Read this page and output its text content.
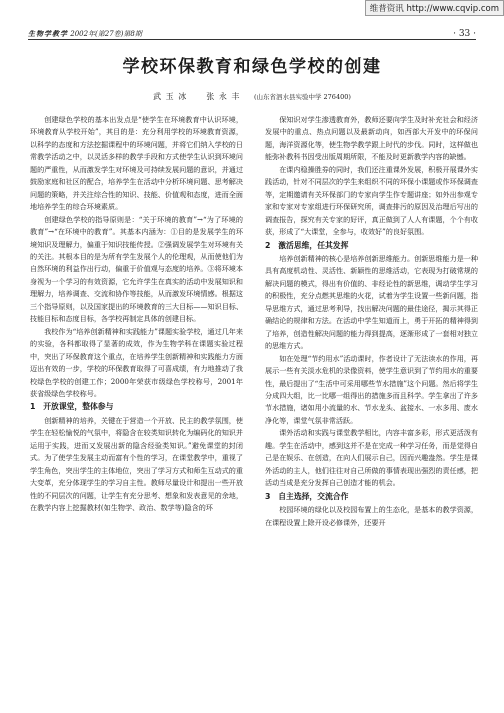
维普资讯 http://www.cqvip.com
生物学教学 2002年(第27卷)第8期	· 33 ·
学校环保教育和绿色学校的创建
武 玉 冰 张 永 丰 (山东省泗水县实验中学 276400)

创建绿色学校的基本出发点是“使学生在环境教育中认识环境，环境教育从学校开始”，其目的是：充分利用学校的环境教育资源，以科学的态度和方法挖掘课程中的环境问题，并将它们纳入学校的日常教学活动之中，以灵活多样的教学手段和方式使学生认识到环境问题的严重性，从而激发学生对环境及可持续发展问题的意识，并通过鼓励家庭和社区的配合，培养学生在活动中分析环境问题、思考解决问题的策略，并关注综合性的知识、技能、价值观和态度，进而全面地培养学生的综合环境素质。

创建绿色学校的指导原则是：“关于环境的教育”→“为了环境的教育”→“在环境中的教育”。其基本内涵为：①目的是发展学生的环境知识及理解力，偏重于知识技能传授。②强调发展学生对环境有关的关注。其根本目的是为所有学生发展个人的伦理观，从而使他们为自然环境的利益作出行动，偏重于价值观与态度的培养。③将环境本身视为一个学习的有效资源，它允许学生在真实的活动中发展知识和理解力，培养调查、交流和协作等技能，从而激发环境情感。根据这三个指导原则，以及国家提出的环境教育的三大目标——知识目标、技能目标和态度目标，各学校再制定具体的创建目标。

我校作为“培养创新精神和实践能力”课题实验学校，通过几年来的实验，各科都取得了显著的成效，作为生物学科在课题实验过程中，突出了环保教育这个重点，在培养学生创新精神和实践能力方面迈出有效的一步，学校的环保教育取得了可喜成绩，有力地推动了我校绿色学校的创建工作；2000年荣获市级绿色学校称号，2001年获省级绿色学校称号。

1　开放课堂，整体参与

创新精神的培养，关键在于营造一个开放、民主的教学氛围，使学生在轻松愉悦的气氛中，将隐含在较类知识转化为编码化的知识并运用于实践，进而又发展出新的隐含经验类知识。”避免课堂的封闭式。为了使学生发展主动而富有个性的学习，在课堂教学中，重视了学生角色，突出学生的主体地位，突出了学习方式和师生互动式的重大变革，充分体现学生的学习自主性。教师尽量设计和提出一些开放性的不同层次的问题，让学生有充分思考、想象和发表意见的余地，在教学内容上挖掘教材(如生物学、政治、数学等)隐含的环

保知识对学生渗透教育外，教师还要向学生及时补充社会和经济发展中的重点、热点问题以及最新动向，如西部大开发中的环保问题，海洋资源化等，使生物学教学跟上时代的步伐。同时，这样做也能弥补教科书因受出版周期所限，不能及时更新教学内容的缺憾。

在课内稳操胜券的同时，我们还注重课外发展，积极开展课外实践活动，针对不同层次的学生来组织不同的环保小课题或作环保调查等，定期邀请有关环保部门的专家向学生作专题讲座；如外出参观专家和专家对专家组进行环保研究所，调查排污的原因及治理后写出的调查报告，探究有关专家的好评，真正做到了人人有课题，个个有收获，形成了“大课堂，全参与，收效好”的良好氛围。

2　激活思维，任其发挥

培养创新精神的核心是培养创新思维能力。创新思维能力是一种具有高度机动性、灵活性、新颖性的思维活动，它表现为打破常规的解决问题的模式，得出有价值的、非经论性的新思维，调动学生学习的积极性，充分点燃其思维的火花，试着为学生设置一些新问题，指导思维方式，通过思考利导，找出解决问题的最佳途径，揭示其得正确结论的规律和方法。在活动中学生知道而上，勇于开拓的精神得到了培养，创造性解决问题的能力得到提高，逐渐形成了一套相对独立的思维方式。

如在处理“节约用水”活动课时，作者设计了无法读水的作用，再展示一些有关淡水危机的录像资料，使学生意识到了节约用水的重要性，最后提出了“生活中可采用哪些节水措施”这个问题。然后将学生分成四大组，比一比哪一组得出的措施多而且科学。学生拿出了许多节水措施，诸如用小流量的水、节水龙头、盆接水、一水多用、废水净化等，课堂气氛非常活跃。

课外活动和实践与课堂教学相比，内容丰富多彩，形式更活泼有趣。学生在活动中，感到这并不是在完成一种学习任务，而是觉得自己是在娱乐、在创造，在向人们展示自己，因而兴趣盎然。学生是课外活动的主人，他们往往对自己所做的事情表现出强烈的责任感，把活动当成是充分发挥自己创造才能的机会。

3　自主选择，交流合作

校园环境的绿化以及校园布置上的生态化，是基本的教学资源，在课程设置上除开设必修课外，还要开
